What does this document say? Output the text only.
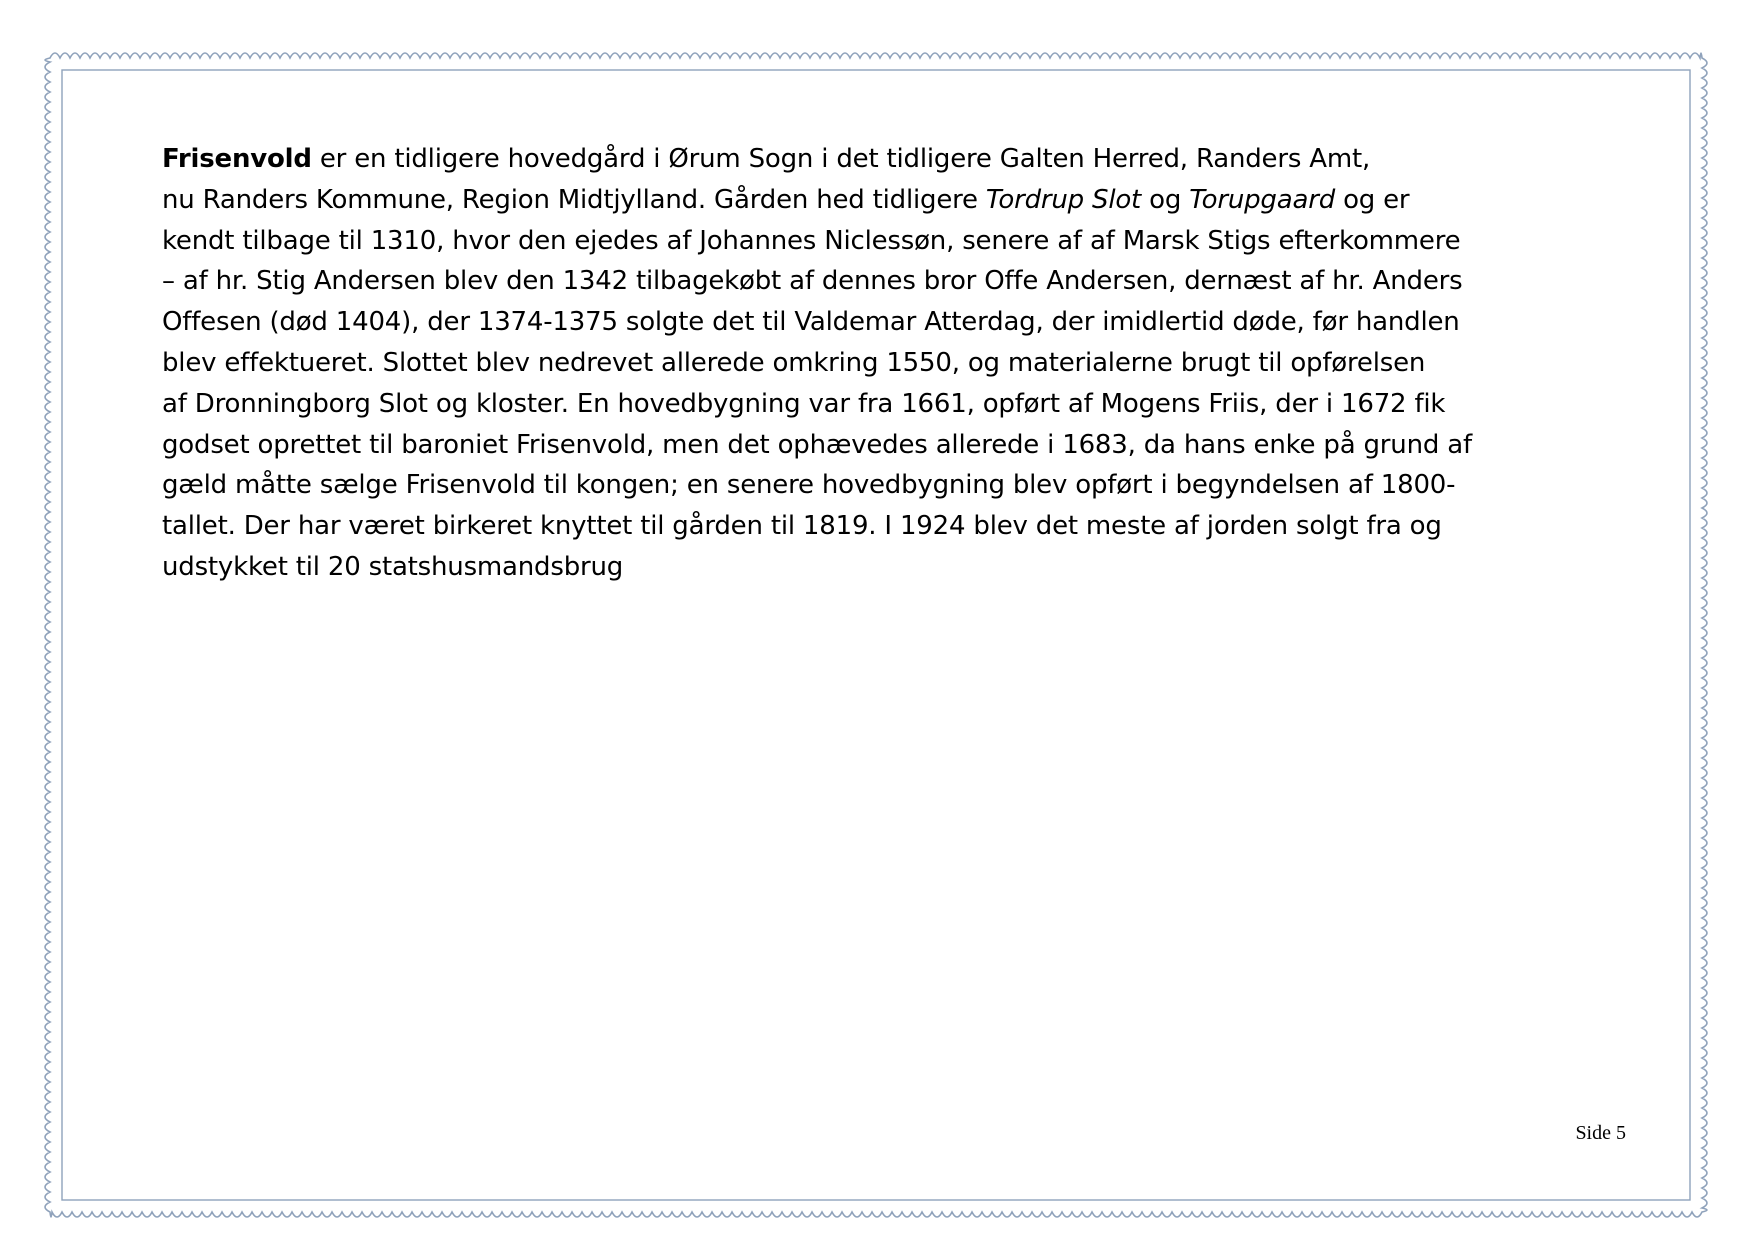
Frisenvold er en tidligere hovedgård i Ørum Sogn i det tidligere Galten Herred, Randers Amt,
nu Randers Kommune, Region Midtjylland. Gården hed tidligere Tordrup Slot og Torupgaard og er
kendt tilbage til 1310, hvor den ejedes af Johannes Niclessøn, senere af af Marsk Stigs efterkommere
– af hr. Stig Andersen blev den 1342 tilbagekøbt af dennes bror Offe Andersen, dernæst af hr. Anders
Offesen (død 1404), der 1374-1375 solgte det til Valdemar Atterdag, der imidlertid døde, før handlen
blev effektueret. Slottet blev nedrevet allerede omkring 1550, og materialerne brugt til opførelsen
af Dronningborg Slot og kloster. En hovedbygning var fra 1661, opført af Mogens Friis, der i 1672 fik
godset oprettet til baroniet Frisenvold, men det ophævedes allerede i 1683, da hans enke på grund af
gæld måtte sælge Frisenvold til kongen; en senere hovedbygning blev opført i begyndelsen af 1800-
tallet. Der har været birkeret knyttet til gården til 1819. I 1924 blev det meste af jorden solgt fra og
udstykket til 20 statshusmandsbrug

Side 5
